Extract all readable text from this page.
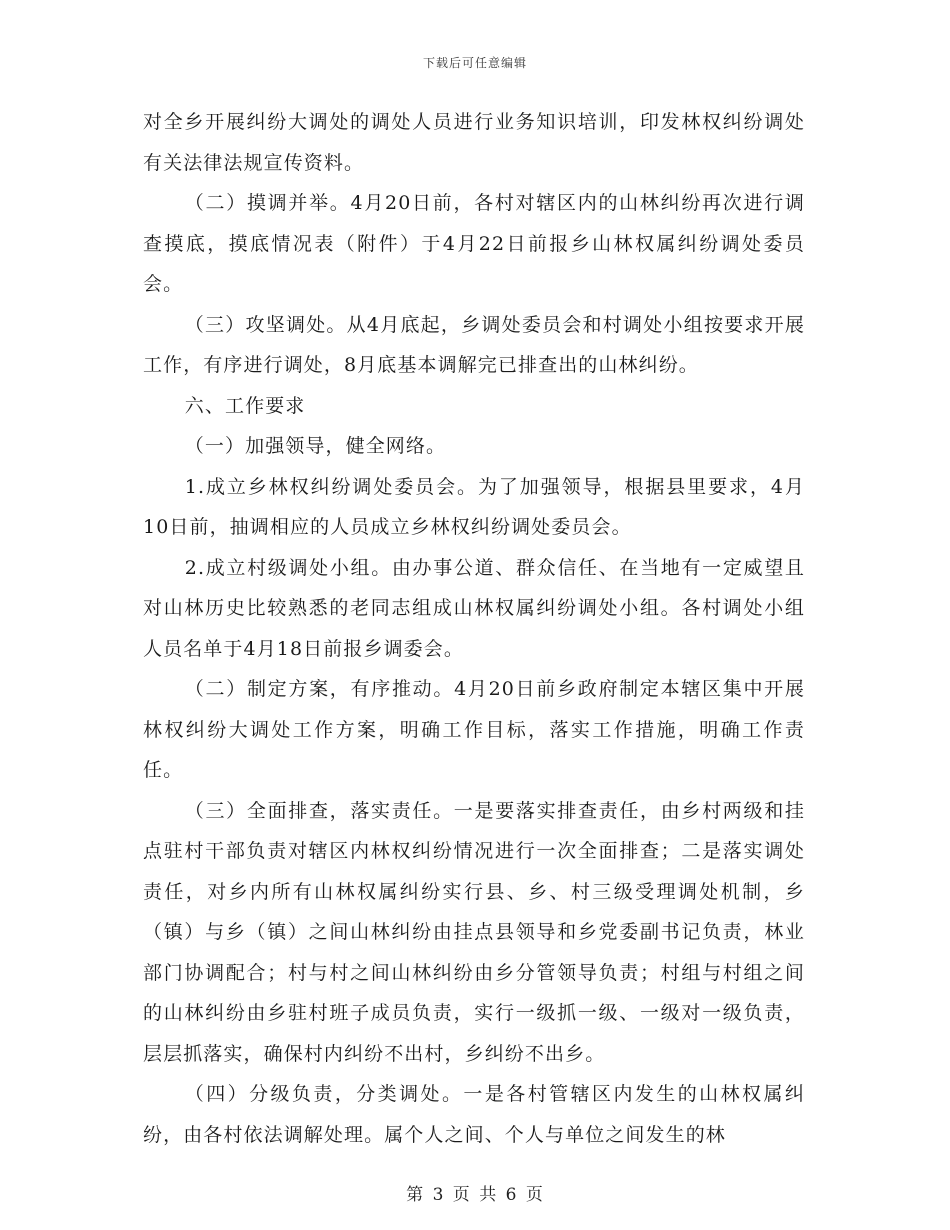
下载后可任意编辑

对全乡开展纠纷大调处的调处人员进行业务知识培训，印发林权纠纷调处有关法律法规宣传资料。

（二）摸调并举。4月20日前，各村对辖区内的山林纠纷再次进行调查摸底，摸底情况表（附件）于4月22日前报乡山林权属纠纷调处委员会。

（三）攻坚调处。从4月底起，乡调处委员会和村调处小组按要求开展工作，有序进行调处，8月底基本调解完已排查出的山林纠纷。

六、工作要求

（一）加强领导，健全网络。

1.成立乡林权纠纷调处委员会。为了加强领导，根据县里要求，4月10日前，抽调相应的人员成立乡林权纠纷调处委员会。

2.成立村级调处小组。由办事公道、群众信任、在当地有一定威望且对山林历史比较熟悉的老同志组成山林权属纠纷调处小组。各村调处小组人员名单于4月18日前报乡调委会。

（二）制定方案，有序推动。4月20日前乡政府制定本辖区集中开展林权纠纷大调处工作方案，明确工作目标，落实工作措施，明确工作责任。

（三）全面排查，落实责任。一是要落实排查责任，由乡村两级和挂点驻村干部负责对辖区内林权纠纷情况进行一次全面排查；二是落实调处责任，对乡内所有山林权属纠纷实行县、乡、村三级受理调处机制，乡（镇）与乡（镇）之间山林纠纷由挂点县领导和乡党委副书记负责，林业部门协调配合；村与村之间山林纠纷由乡分管领导负责；村组与村组之间的山林纠纷由乡驻村班子成员负责，实行一级抓一级、一级对一级负责，层层抓落实，确保村内纠纷不出村，乡纠纷不出乡。

（四）分级负责，分类调处。一是各村管辖区内发生的山林权属纠纷，由各村依法调解处理。属个人之间、个人与单位之间发生的林

第 3 页 共 6 页
